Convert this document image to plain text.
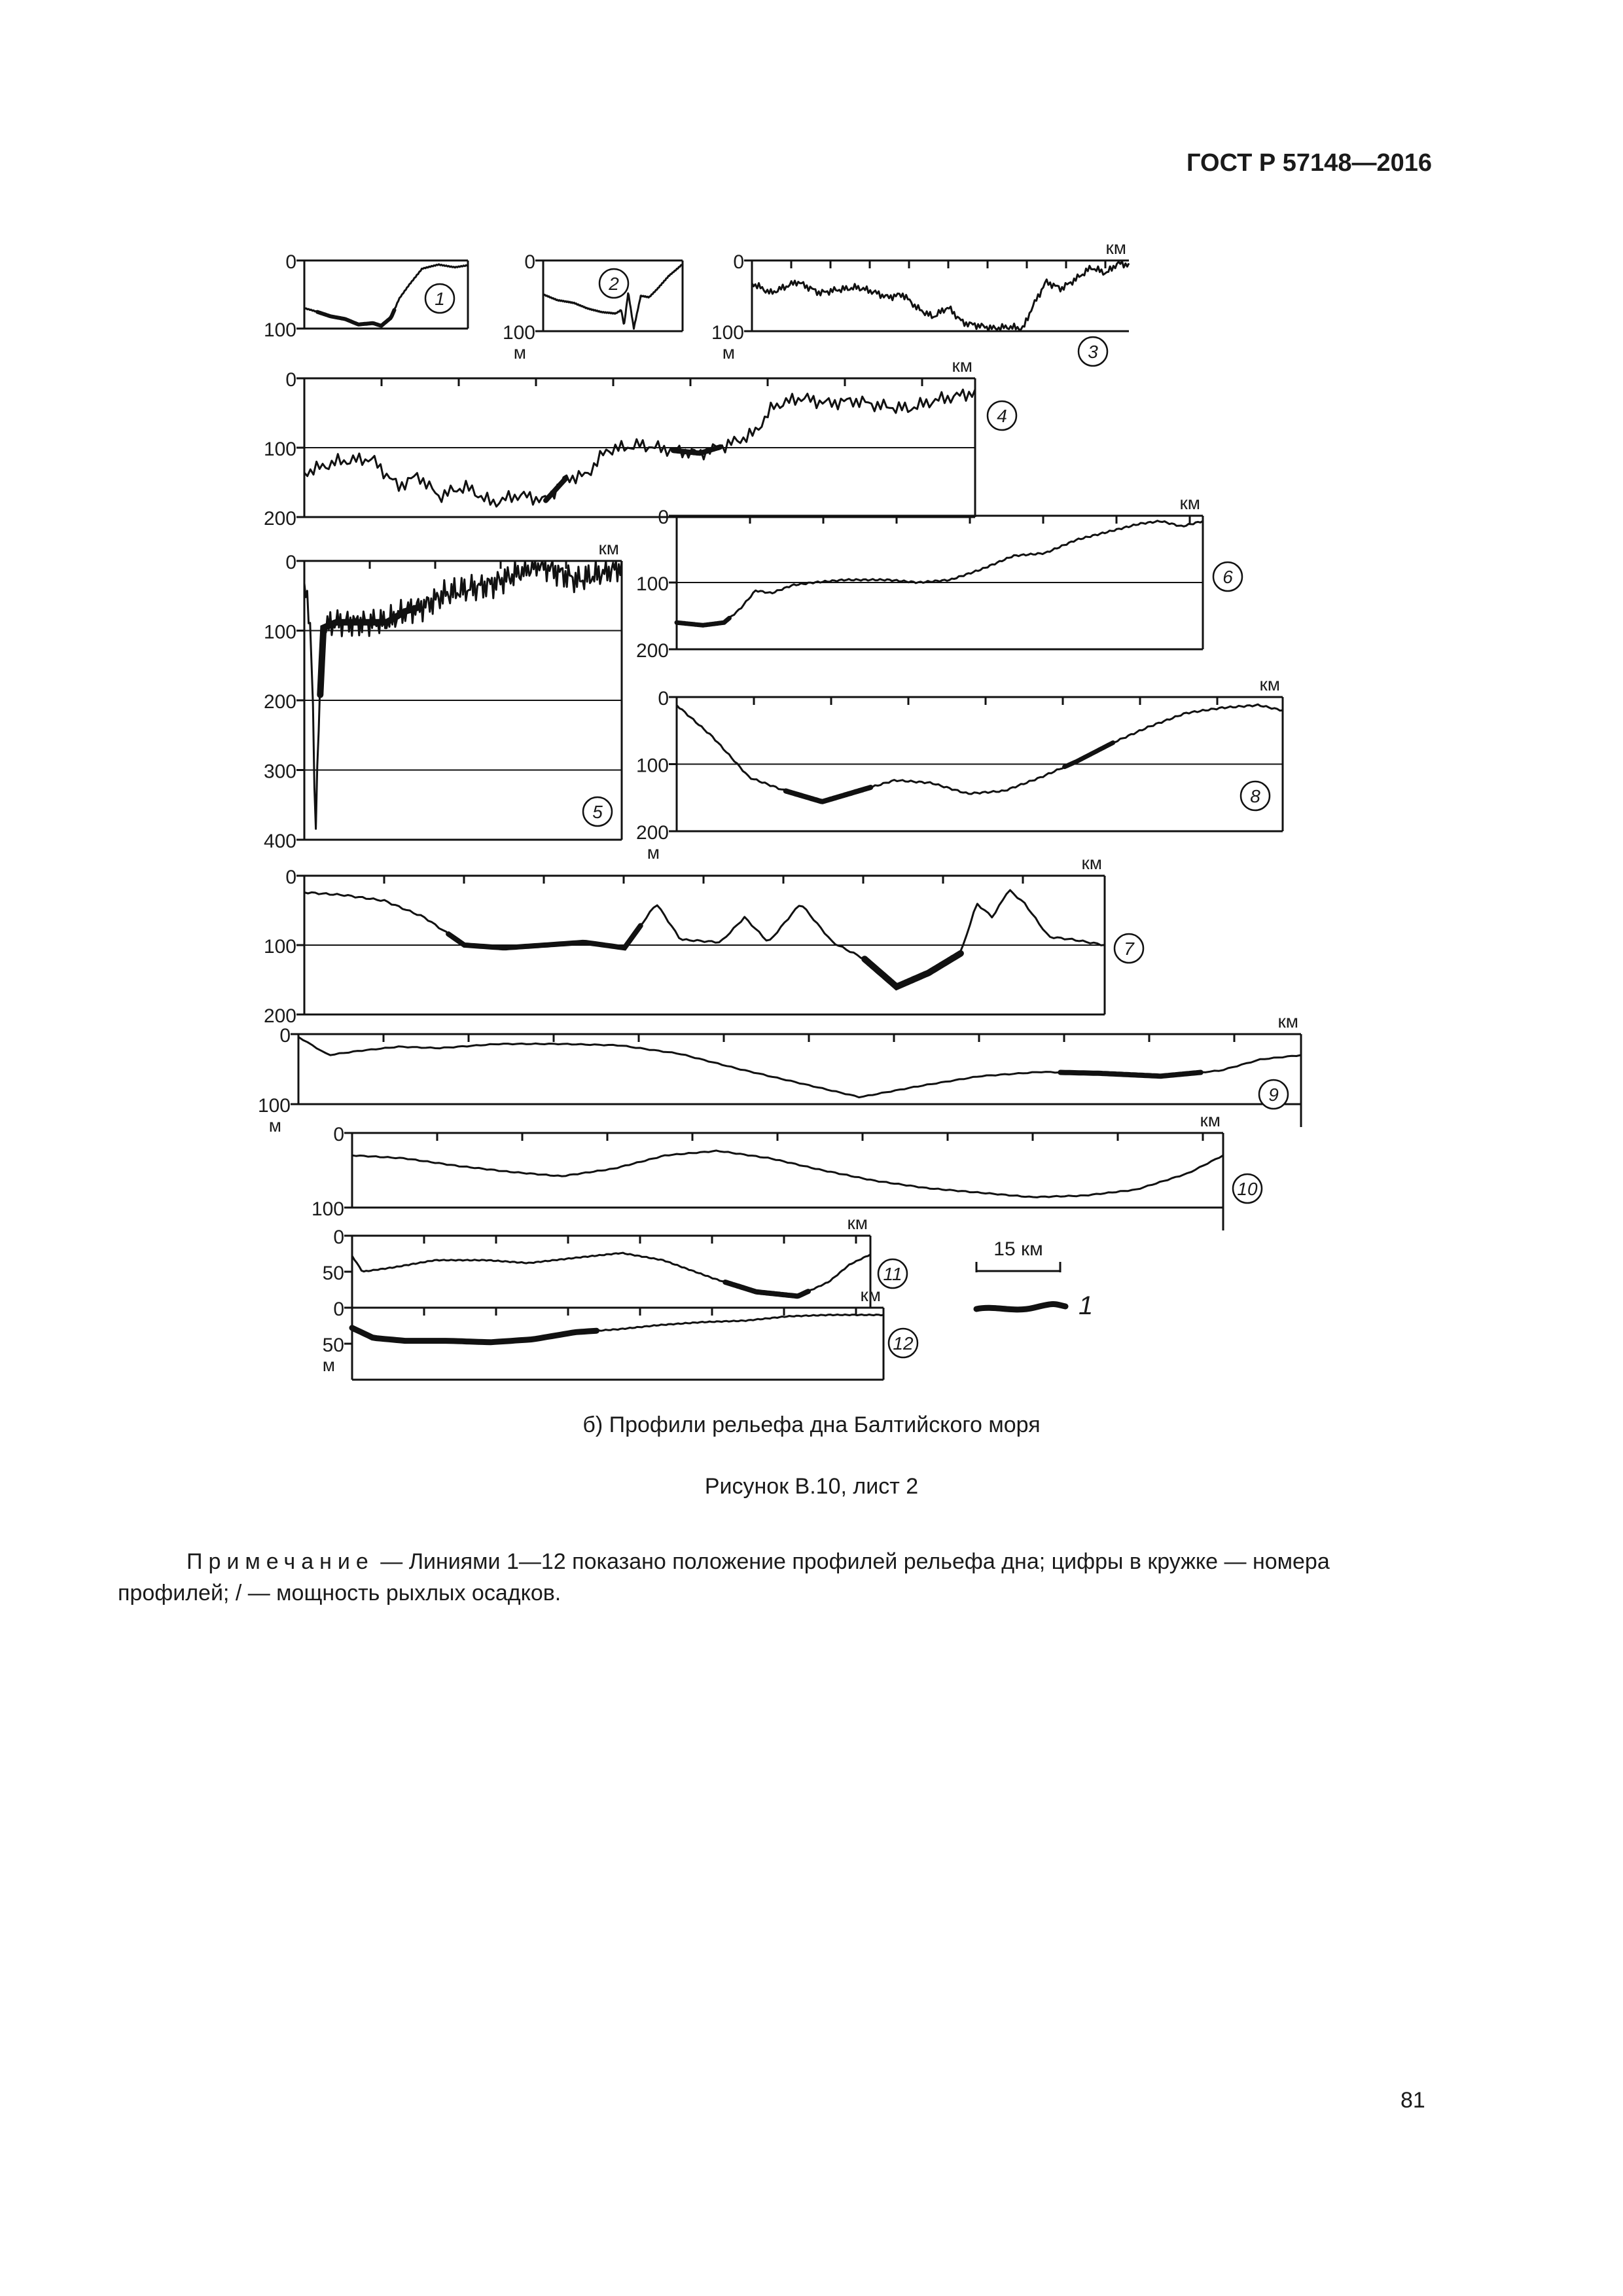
ГОСТ Р 57148—2016
0
100
1
0
100
м
2
0
100
м
км
3
0
100
200
км
4
0
100
200
300
400
км
5
0
100
200
км
6
0
100
200
км
7
0
100
200
м
км
8
0
100
м
км
9
0
100
км
10
0
50
км
11
0
50
м
км
12
15 км
1
б) Профили рельефа дна Балтийского моря
Рисунок В.10, лист 2
Примечание — Линиями 1—12 показано положение профилей рельефа дна; цифры в кружке — номера профилей; / — мощность рыхлых осадков.
81
